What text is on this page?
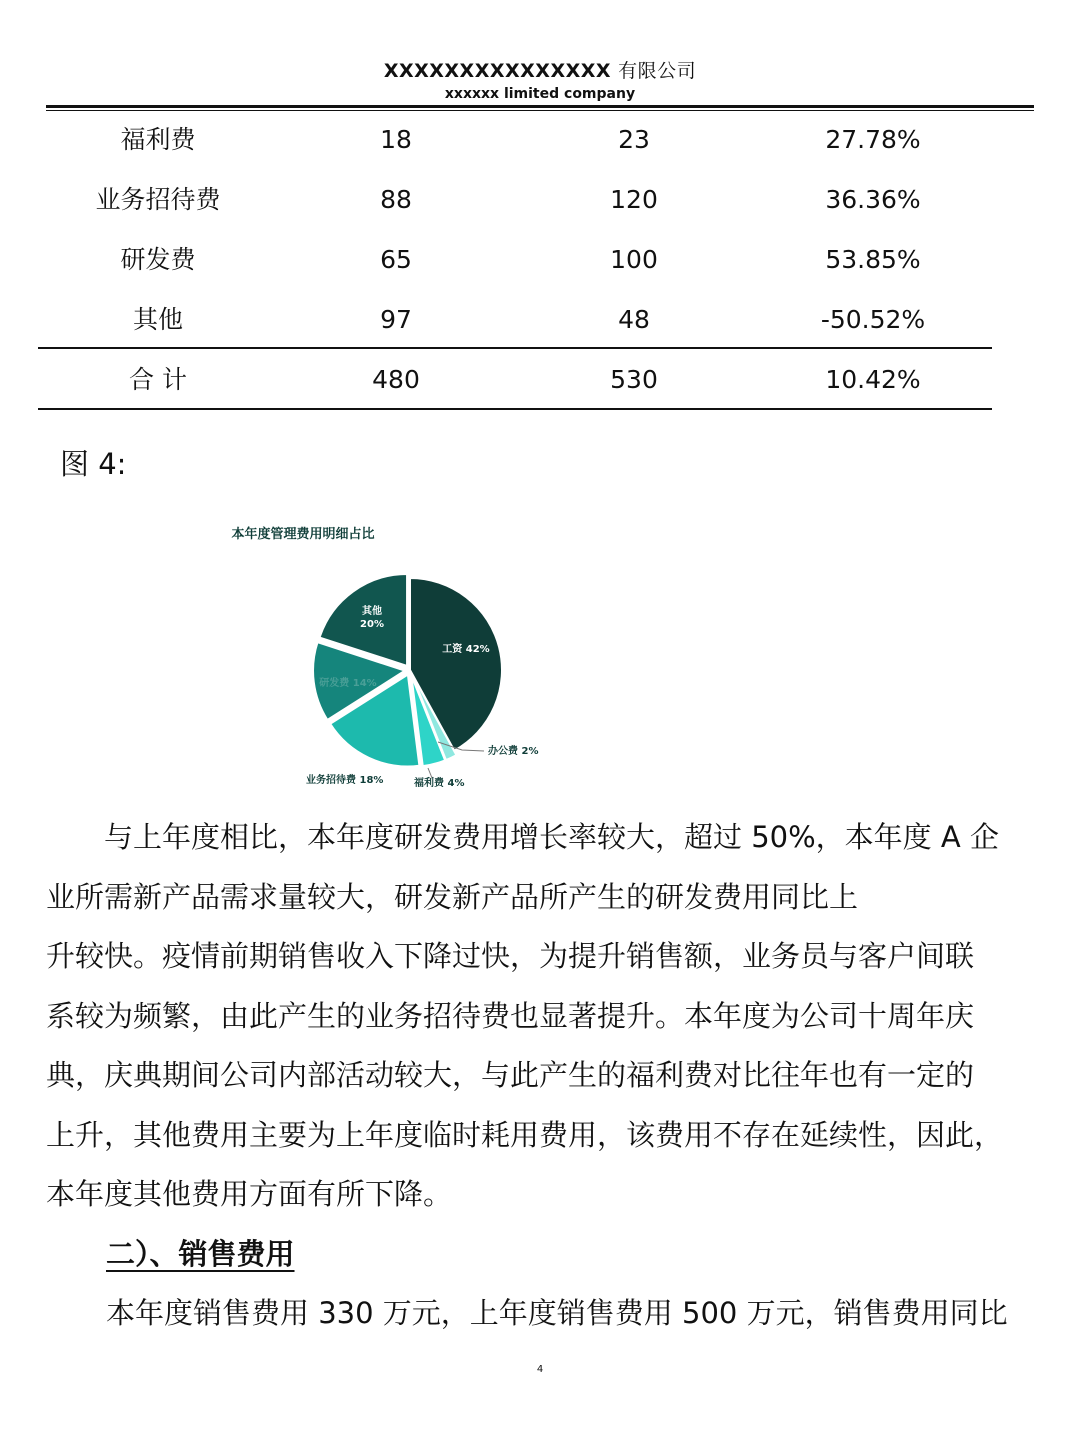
XXXXXXXXXXXXXXX 有限公司
xxxxxx limited company
福利费	18	23	27.78%
业务招待费	88	120	36.36%
研发费	65	100	53.85%
其他	97	48	-50.52%
合 计	480	530	10.42%
图 4:
本年度管理费用明细占比
工资 42%
办公费 2%
福利费 4%
业务招待费 18%
研发费 14%
其他 20%

与上年度相比，本年度研发费用增长率较大，超过 50%，本年度 A 企

业所需新产品需求量较大，研发新产品所产生的研发费用同比上

升较快。疫情前期销售收入下降过快，为提升销售额，业务员与客户间联

系较为频繁，由此产生的业务招待费也显著提升。本年度为公司十周年庆

典，庆典期间公司内部活动较大，与此产生的福利费对比往年也有一定的

上升，其他费用主要为上年度临时耗用费用，该费用不存在延续性，因此，

本年度其他费用方面有所下降。

二）、销售费用

本年度销售费用 330 万元，上年度销售费用 500 万元，销售费用同比

4
